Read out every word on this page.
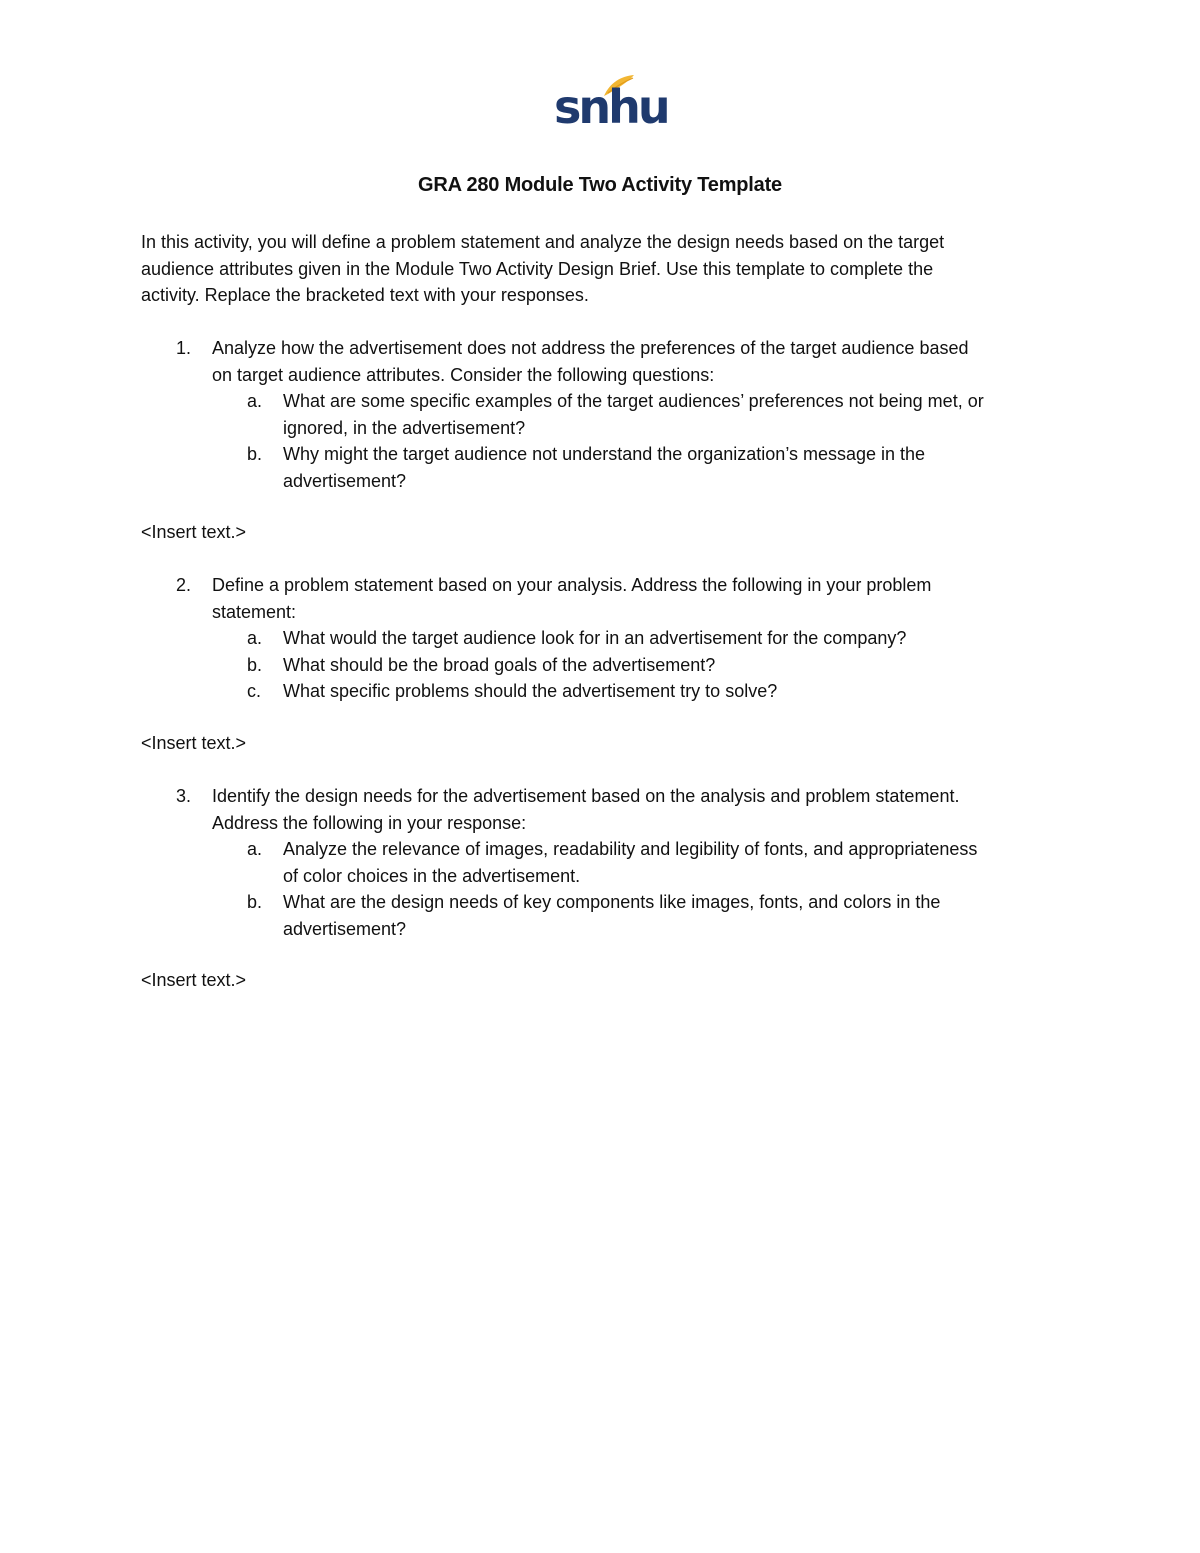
snhu
GRA 280 Module Two Activity Template

In this activity, you will define a problem statement and analyze the design needs based on the target

audience attributes given in the Module Two Activity Design Brief. Use this template to complete the

activity. Replace the bracketed text with your responses.

1. Analyze how the advertisement does not address the preferences of the target audience based
on target audience attributes. Consider the following questions:
a. What are some specific examples of the target audiences’ preferences not being met, or
ignored, in the advertisement?
b. Why might the target audience not understand the organization’s message in the
advertisement?
<Insert text.>
2. Define a problem statement based on your analysis. Address the following in your problem
statement:
a. What would the target audience look for in an advertisement for the company?
b. What should be the broad goals of the advertisement?
c. What specific problems should the advertisement try to solve?
<Insert text.>
3. Identify the design needs for the advertisement based on the analysis and problem statement.
Address the following in your response:
a. Analyze the relevance of images, readability and legibility of fonts, and appropriateness
of color choices in the advertisement.
b. What are the design needs of key components like images, fonts, and colors in the
advertisement?
<Insert text.>
